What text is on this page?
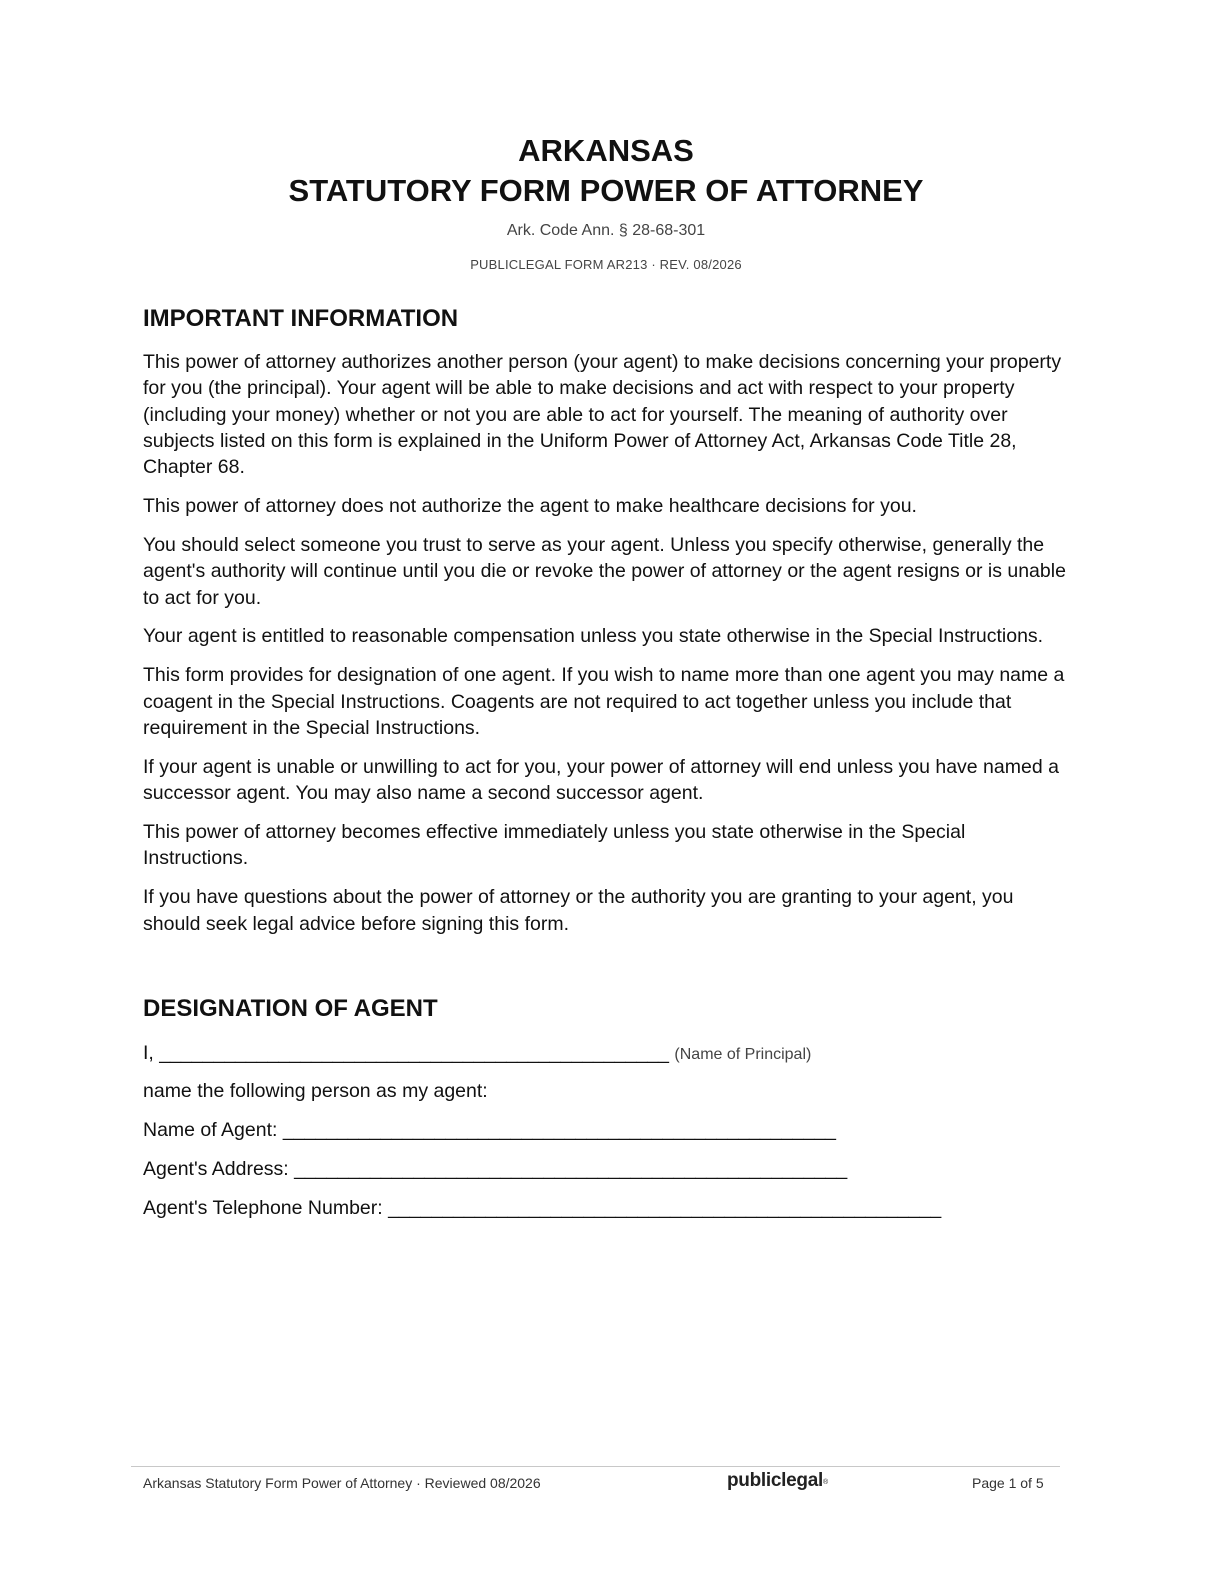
ARKANSAS
STATUTORY FORM POWER OF ATTORNEY
Ark. Code Ann. § 28-68-301
PUBLICLEGAL FORM AR213 · REV. 08/2026
IMPORTANT INFORMATION

This power of attorney authorizes another person (your agent) to make decisions concerning your property for you (the principal). Your agent will be able to make decisions and act with respect to your property (including your money) whether or not you are able to act for yourself. The meaning of authority over subjects listed on this form is explained in the Uniform Power of Attorney Act, Arkansas Code Title 28, Chapter 68.

This power of attorney does not authorize the agent to make healthcare decisions for you.

You should select someone you trust to serve as your agent. Unless you specify otherwise, generally the agent's authority will continue until you die or revoke the power of attorney or the agent resigns or is unable to act for you.

Your agent is entitled to reasonable compensation unless you state otherwise in the Special Instructions.

This form provides for designation of one agent. If you wish to name more than one agent you may name a coagent in the Special Instructions. Coagents are not required to act together unless you include that requirement in the Special Instructions.

If your agent is unable or unwilling to act for you, your power of attorney will end unless you have named a successor agent. You may also name a second successor agent.

This power of attorney becomes effective immediately unless you state otherwise in the Special Instructions.

If you have questions about the power of attorney or the authority you are granting to your agent, you should seek legal advice before signing this form.

DESIGNATION OF AGENT
I, _______________________________________________ (Name of Principal)
name the following person as my agent:
Name of Agent: ___________________________________________________
Agent's Address: ___________________________________________________
Agent's Telephone Number: ___________________________________________________
Arkansas Statutory Form Power of Attorney · Reviewed 08/2026	publiclegal®	Page 1 of 5
